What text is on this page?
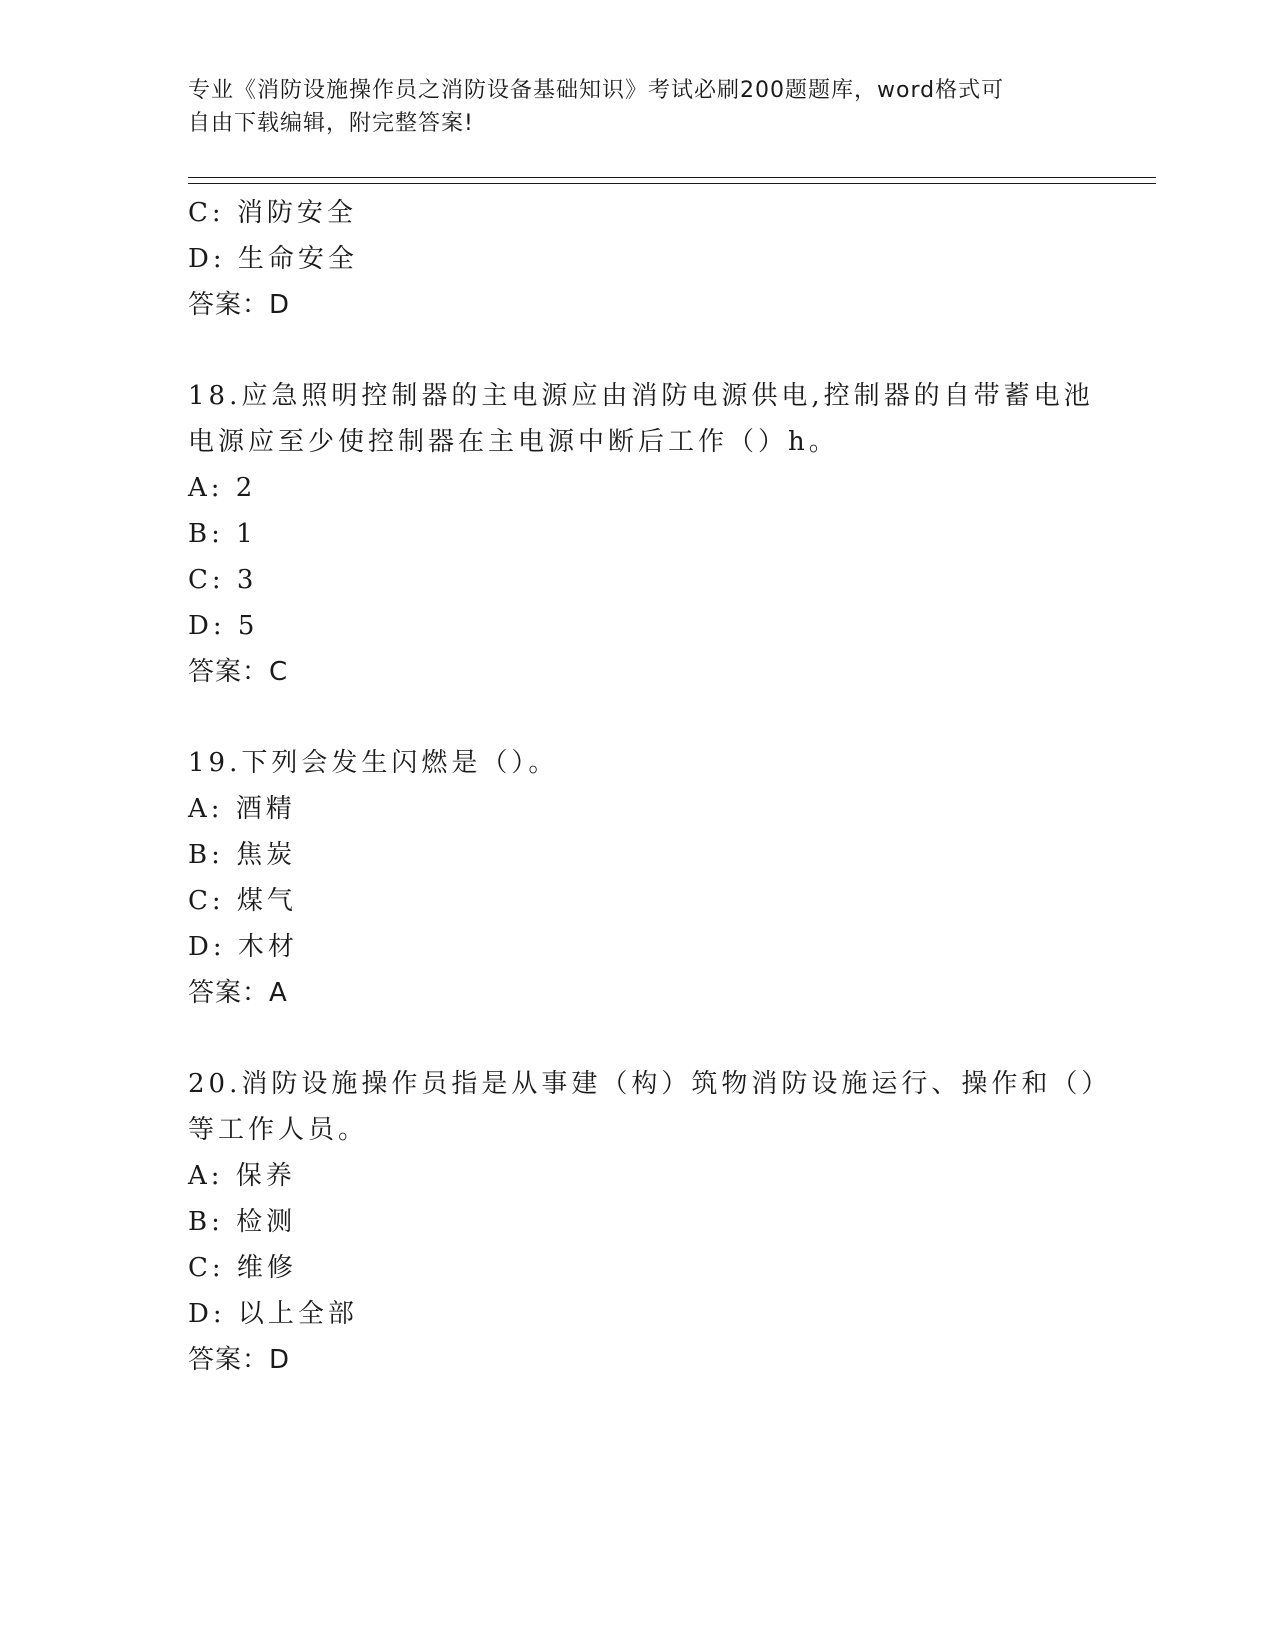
专业《消防设施操作员之消防设备基础知识》考试必刷200题题库，word格式可
自由下载编辑，附完整答案!
C: 消防安全
D: 生命安全
答案：D
18.应急照明控制器的主电源应由消防电源供电,控制器的自带蓄电池
电源应至少使控制器在主电源中断后工作（）h。
A: 2
B: 1
C: 3
D: 5
答案：C
19.下列会发生闪燃是（）。
A: 酒精
B: 焦炭
C: 煤气
D: 木材
答案：A
20.消防设施操作员指是从事建（构）筑物消防设施运行、操作和（）
等工作人员。
A: 保养
B: 检测
C: 维修
D: 以上全部
答案：D
